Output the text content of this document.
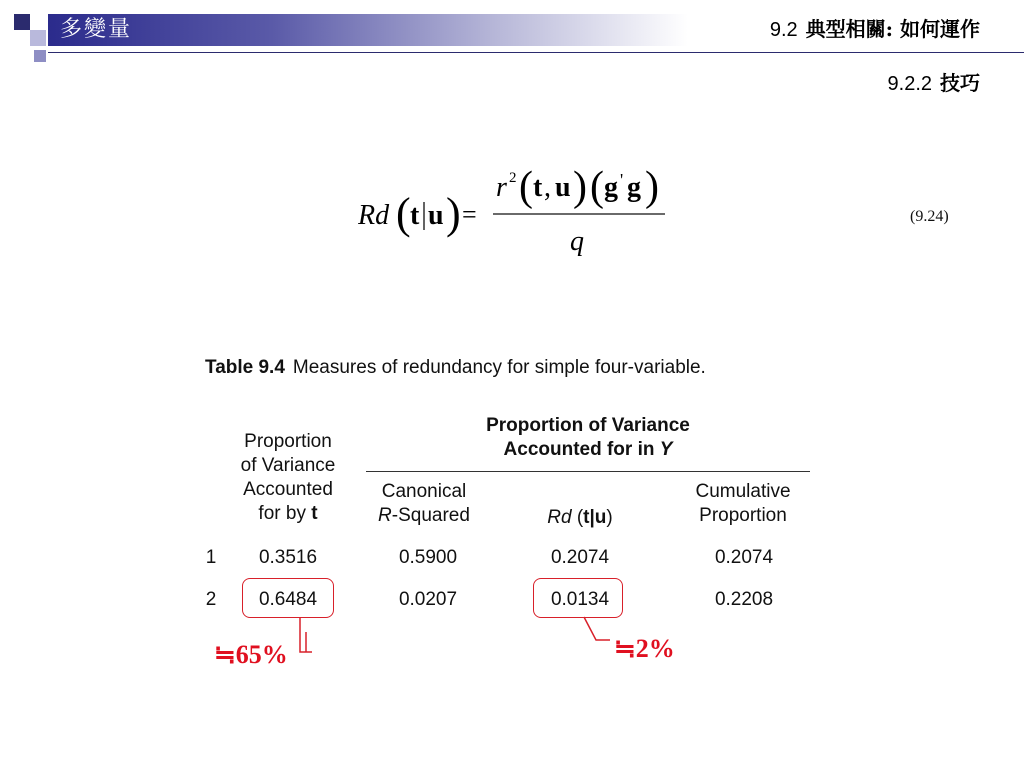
多變量	9.2 典型相關: 如何運作
9.2.2 技巧
Rd ( t u ) =
r 2 ( t , u ) ( g ' g )
q
(9.24)
Table 9.4 Measures of redundancy for simple four-variable.
Proportion
of Variance
Accounted
for by t
Proportion of Variance
Accounted for in Y
Canonical
R-Squared	Rd (t|u)
Cumulative
Proportion
1	0.3516	0.5900	0.2074	0.2074
2	0.6484	0.0207	0.0134	0.2208
≒65%	≒2%
